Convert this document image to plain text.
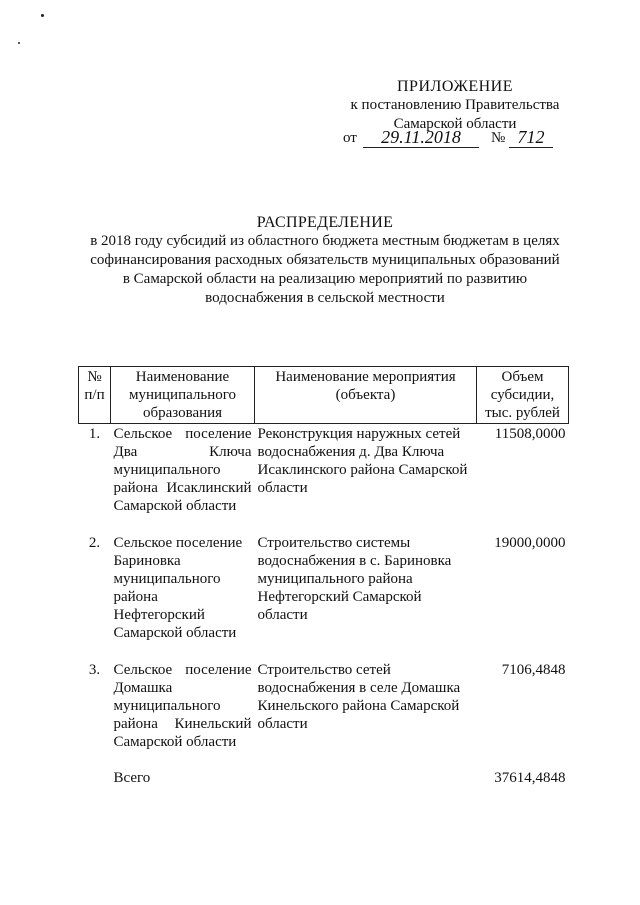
ПРИЛОЖЕНИЕ
к постановлению Правительства
Самарской области
от	29.11.2018	№ 712
РАСПРЕДЕЛЕНИЕ
в 2018 году субсидий из областного бюджета местным бюджетам в целях
софинансирования расходных обязательств муниципальных образований
в Самарской области на реализацию мероприятий по развитию
водоснабжения в сельской местности
№ п/п	Наименование муниципального образования	Наименование мероприятия (объекта)	Объем субсидии, тыс. рублей
1.	Сельское поселение Два Ключа муниципального района Исаклинский Самарской области	Реконструкция наружных сетей водоснабжения д. Два Ключа Исаклинского района Самарской области	11508,0000
2.	Сельское поселение Бариновка муниципального района Нефтегорский Самарской области	Строительство системы водоснабжения в с. Бариновка муниципального района Нефтегорский Самарской области	19000,0000
3.	Сельское поселение Домашка муниципального района Кинельский Самарской области	Строительство сетей водоснабжения в селе Домашка Кинельского района Самарской области	7106,4848
	Всего		37614,4848
